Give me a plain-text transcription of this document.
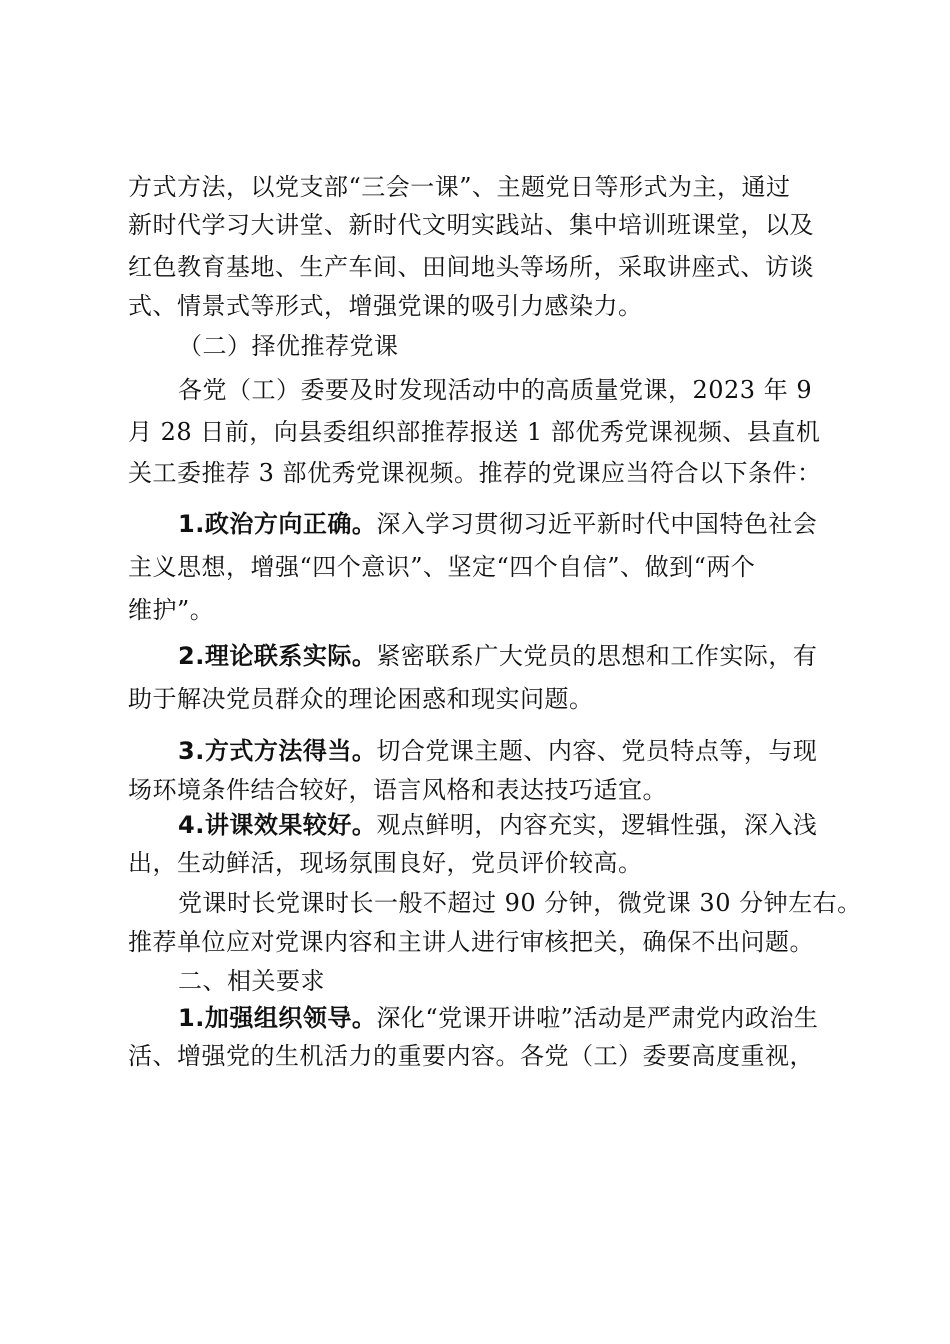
方式方法，以党支部“三会一课”、主题党日等形式为主，通过
新时代学习大讲堂、新时代文明实践站、集中培训班课堂，以及
红色教育基地、生产车间、田间地头等场所，采取讲座式、访谈
式、情景式等形式，增强党课的吸引力感染力。
（二）择优推荐党课
各党（工）委要及时发现活动中的高质量党课，2023 年 9
月 28 日前，向县委组织部推荐报送 1 部优秀党课视频、县直机
关工委推荐 3 部优秀党课视频。推荐的党课应当符合以下条件：
1.政治方向正确。深入学习贯彻习近平新时代中国特色社会
主义思想，增强“四个意识”、坚定“四个自信”、做到“两个
维护”。
2.理论联系实际。紧密联系广大党员的思想和工作实际，有
助于解决党员群众的理论困惑和现实问题。
3.方式方法得当。切合党课主题、内容、党员特点等，与现
场环境条件结合较好，语言风格和表达技巧适宜。
4.讲课效果较好。观点鲜明，内容充实，逻辑性强，深入浅
出，生动鲜活，现场氛围良好，党员评价较高。
党课时长党课时长一般不超过 90 分钟，微党课 30 分钟左右。
推荐单位应对党课内容和主讲人进行审核把关，确保不出问题。
二、相关要求
1.加强组织领导。深化“党课开讲啦”活动是严肃党内政治生
活、增强党的生机活力的重要内容。各党（工）委要高度重视，
